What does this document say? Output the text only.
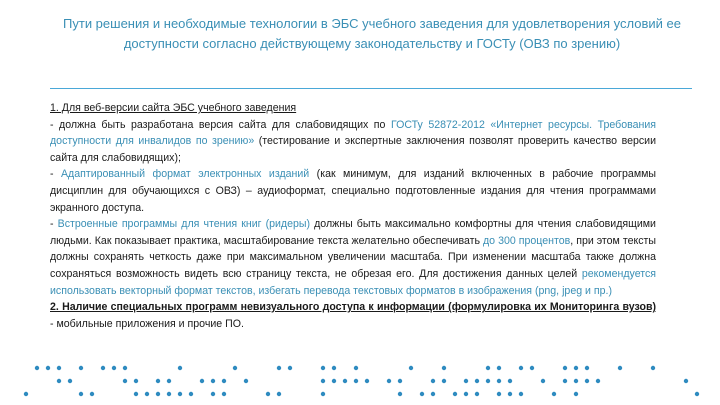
Пути решения и необходимые технологии в ЭБС учебного заведения для удовлетворения условий ее доступности согласно действующему законодательству и ГОСТу (ОВЗ по зрению)

1. Для веб-версии сайта ЭБС учебного заведения

- должна быть разработана версия сайта для слабовидящих по ГОСТу 52872-2012 «Интернет ресурсы. Требования доступности для инвалидов по зрению» (тестирование и экспертные заключения позволят проверить качество версии сайта для слабовидящих);

- Адаптированный формат электронных изданий (как минимум, для изданий включенных в рабочие программы дисциплин для обучающихся с ОВЗ) – аудиоформат, специально подготовленные издания для чтения программами экранного доступа.

- Встроенные программы для чтения книг (ридеры) должны быть максимально комфортны для чтения слабовидящими людьми. Как показывает практика, масштабирование текста желательно обеспечивать до 300 процентов, при этом тексты должны сохранять четкость даже при максимальном увеличении масштаба. При изменении масштаба также должна сохраняться возможность видеть всю страницу текста, не обрезая его. Для достижения данных целей рекомендуется использовать векторный формат текстов, избегать перевода текстовых форматов в изображения (png, jpeg и пр.)

2. Наличие специальных программ невизуального доступа к информации (формулировка их Мониторинга вузов) - мобильные приложения и прочие ПО.
